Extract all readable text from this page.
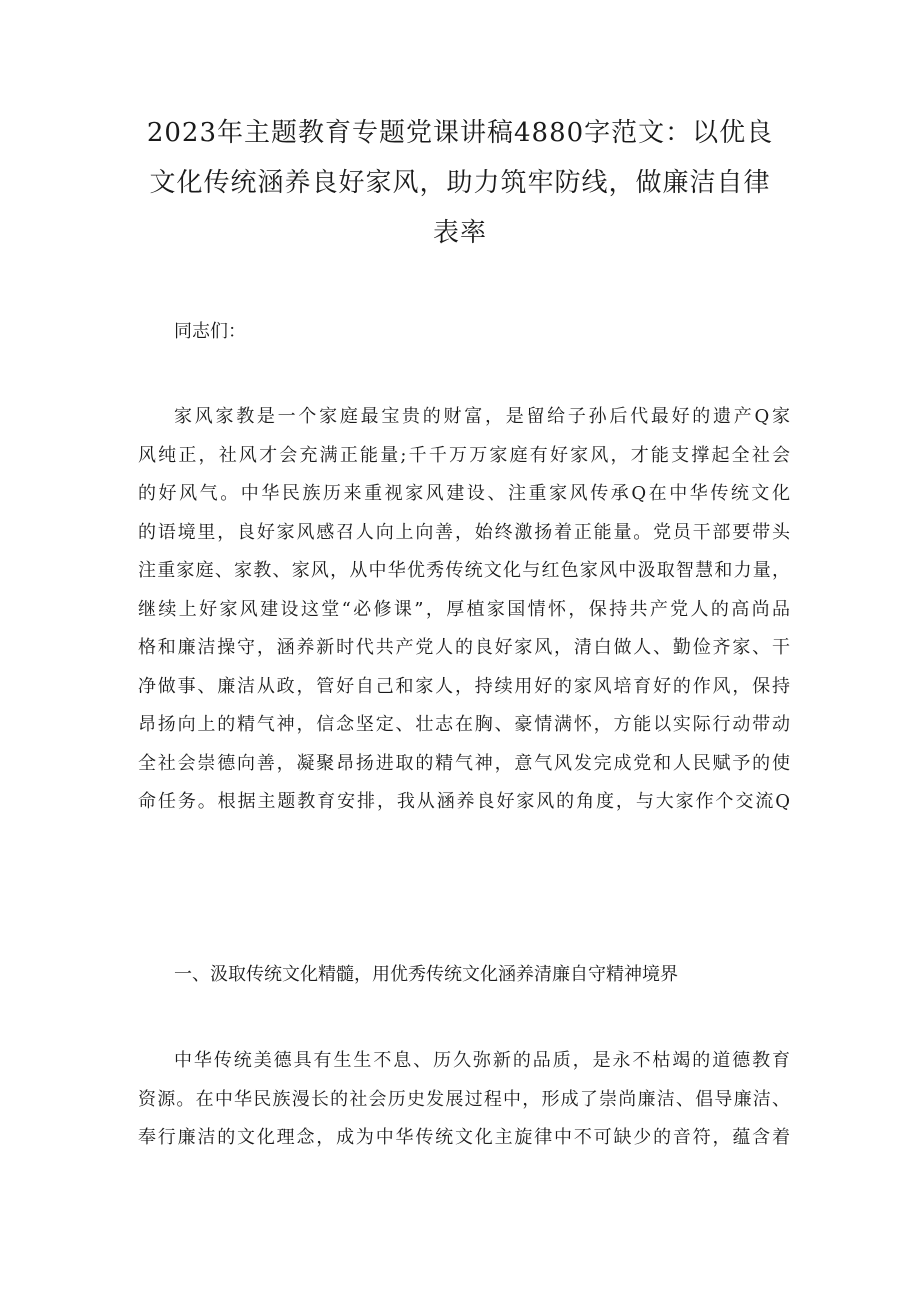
2023年主题教育专题党课讲稿4880字范文：以优良
文化传统涵养良好家风，助力筑牢防线，做廉洁自律
表率

同志们：

家风家教是一个家庭最宝贵的财富，是留给子孙后代最好的遗产Q家
风纯正，社风才会充满正能量;千千万万家庭有好家风，才能支撑起全社会
的好风气。中华民族历来重视家风建设、注重家风传承Q在中华传统文化
的语境里，良好家风感召人向上向善，始终激扬着正能量。党员干部要带头
注重家庭、家教、家风，从中华优秀传统文化与红色家风中汲取智慧和力量，
继续上好家风建设这堂“必修课”，厚植家国情怀，保持共产党人的高尚品
格和廉洁操守，涵养新时代共产党人的良好家风，清白做人、勤俭齐家、干
净做事、廉洁从政，管好自己和家人，持续用好的家风培育好的作风，保持
昂扬向上的精气神，信念坚定、壮志在胸、豪情满怀，方能以实际行动带动
全社会崇德向善，凝聚昂扬进取的精气神，意气风发完成党和人民赋予的使
命任务。根据主题教育安排，我从涵养良好家风的角度，与大家作个交流Q

一、汲取传统文化精髓，用优秀传统文化涵养清廉自守精神境界

中华传统美德具有生生不息、历久弥新的品质，是永不枯竭的道德教育
资源。在中华民族漫长的社会历史发展过程中，形成了崇尚廉洁、倡导廉洁、
奉行廉洁的文化理念，成为中华传统文化主旋律中不可缺少的音符，蕴含着
